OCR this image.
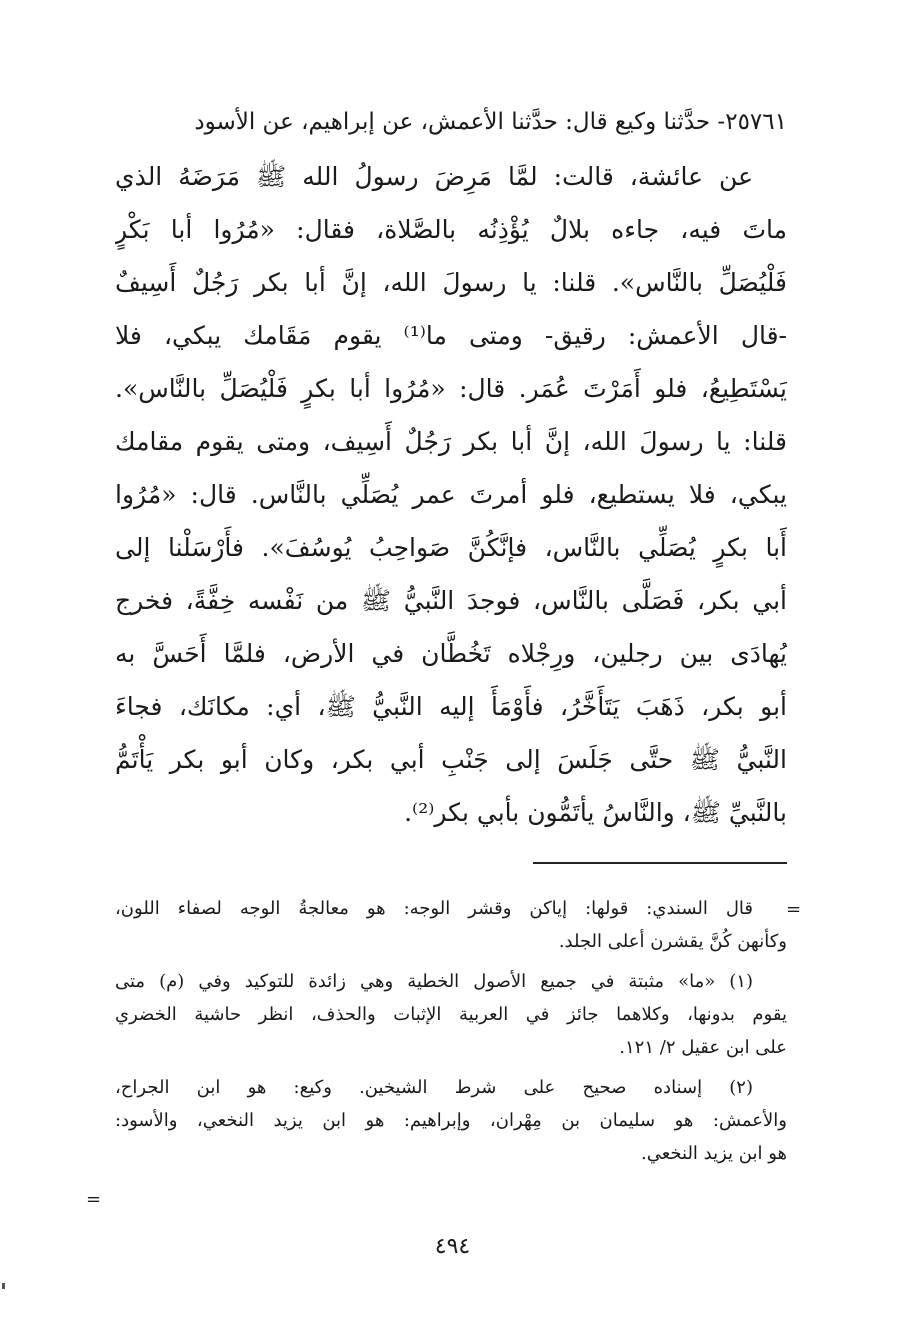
٢٥٧٦١- حدَّثنا وكيع قال: حدَّثنا الأعمش، عن إبراهيم، عن الأسود
عن عائشة، قالت: لمَّا مَرِضَ رسولُ الله ﷺ مَرَضَهُ الذي
ماتَ فيه، جاءه بلالٌ يُؤْذِنُه بالصَّلاة، فقال: «مُرُوا أبا بَكْرٍ
فَلْيُصَلِّ بالنَّاس». قلنا: يا رسولَ الله، إنَّ أبا بكر رَجُلٌ أَسِيفٌ
-قال الأعمش: رقيق- ومتى ما⁽¹⁾ يقوم مَقَامك يبكي، فلا
يَسْتَطِيعُ، فلو أَمَرْتَ عُمَر. قال: «مُرُوا أبا بكرٍ فَلْيُصَلِّ بالنَّاس».
قلنا: يا رسولَ الله، إنَّ أبا بكر رَجُلٌ أَسِيف، ومتى يقوم مقامك
يبكي، فلا يستطيع، فلو أمرتَ عمر يُصَلِّي بالنَّاس. قال: «مُرُوا
أَبا بكرٍ يُصَلِّي بالنَّاس، فإنَّكُنَّ صَواحِبُ يُوسُفَ». فأَرْسَلْنا إلى
أبي بكر، فَصَلَّى بالنَّاس، فوجدَ النَّبيُّ ﷺ من نَفْسه خِفَّةً، فخرج
يُهادَى بين رجلين، ورِجْلاه تَخُطَّان في الأرض، فلمَّا أَحَسَّ به
أبو بكر، ذَهَبَ يَتَأَخَّرُ، فأَوْمَأَ إليه النَّبيُّ ﷺ، أي: مكانَك، فجاءَ
النَّبيُّ ﷺ حتَّى جَلَسَ إلى جَنْبِ أبي بكر، وكان أبو بكر يَأْتَمُّ
بالنَّبيِّ ﷺ، والنَّاسُ يأتَمُّون بأبي بكر⁽²⁾.
قال السندي: قولها: إياكن وقشر الوجه: هو معالجةُ الوجه لصفاء اللون،
وكأنهن كُنَّ يقشرن أعلى الجلد.
(١) «ما» مثبتة في جميع الأصول الخطية وهي زائدة للتوكيد وفي (م) متى
يقوم بدونها، وكلاهما جائز في العربية الإثبات والحذف، انظر حاشية الخضري
على ابن عقيل ٢/ ١٢١.
(٢) إسناده صحيح على شرط الشيخين. وكيع: هو ابن الجراح،
والأعمش: هو سليمان بن مِهْران، وإبراهيم: هو ابن يزيد النخعي، والأسود:
هو ابن يزيد النخعي.
=
=
٤٩٤
